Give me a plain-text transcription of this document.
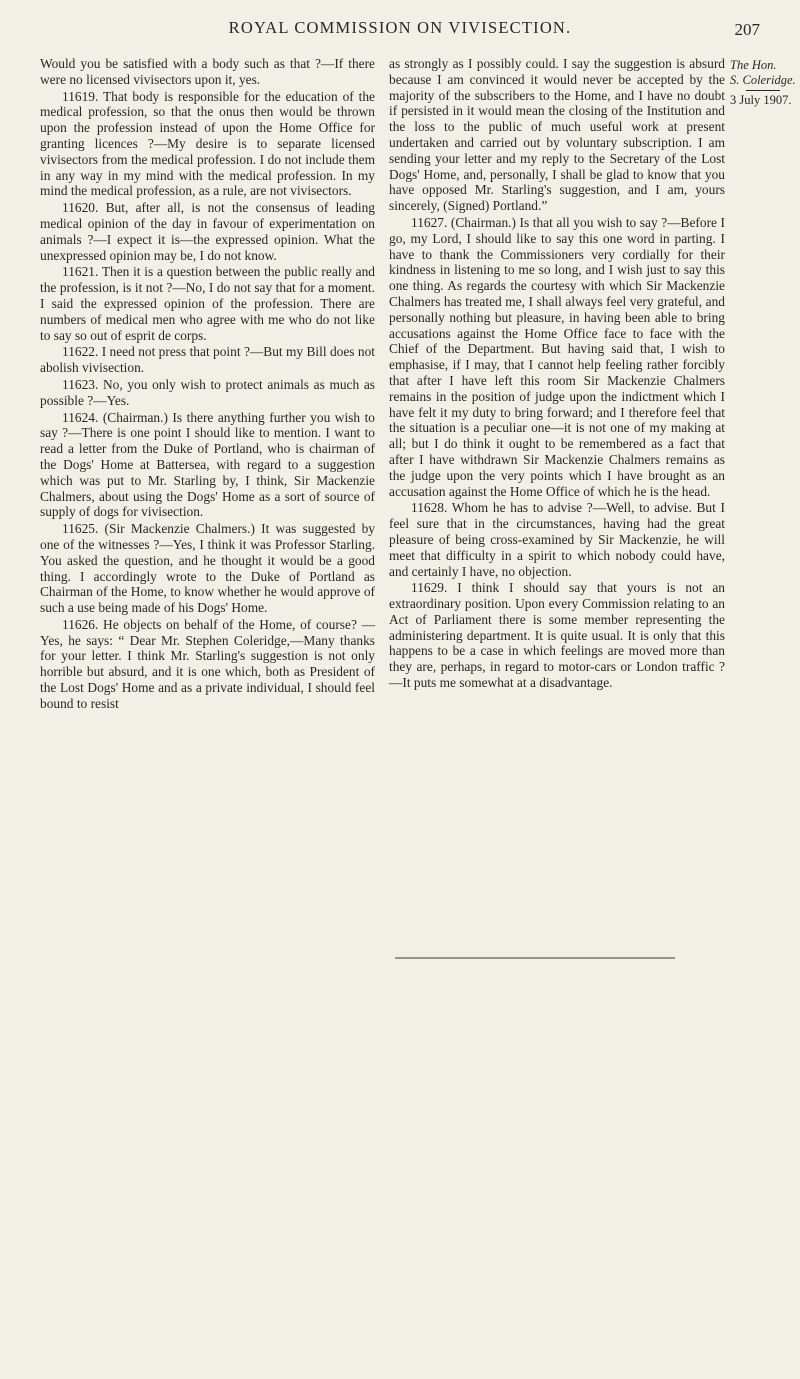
ROYAL COMMISSION ON VIVISECTION.	207

Would you be satisfied with a body such as that ?—If there were no licensed vivisectors upon it, yes.

11619. That body is responsible for the education of the medical profession, so that the onus then would be thrown upon the profession instead of upon the Home Office for granting licences ?—My desire is to separate licensed vivisectors from the medical profession. I do not include them in any way in my mind with the medical profession. In my mind the medical profession, as a rule, are not vivisectors.

11620. But, after all, is not the consensus of leading medical opinion of the day in favour of experimentation on animals ?—I expect it is—the expressed opinion. What the unexpressed opinion may be, I do not know.

11621. Then it is a question between the public really and the profession, is it not ?—No, I do not say that for a moment. I said the expressed opinion of the profession. There are numbers of medical men who agree with me who do not like to say so out of esprit de corps.

11622. I need not press that point ?—But my Bill does not abolish vivisection.

11623. No, you only wish to protect animals as much as possible ?—Yes.

11624. (Chairman.) Is there anything further you wish to say ?—There is one point I should like to mention. I want to read a letter from the Duke of Portland, who is chairman of the Dogs' Home at Battersea, with regard to a suggestion which was put to Mr. Starling by, I think, Sir Mackenzie Chalmers, about using the Dogs' Home as a sort of source of supply of dogs for vivisection.

11625. (Sir Mackenzie Chalmers.) It was suggested by one of the witnesses ?—Yes, I think it was Professor Starling. You asked the question, and he thought it would be a good thing. I accordingly wrote to the Duke of Portland as Chairman of the Home, to know whether he would approve of such a use being made of his Dogs' Home.

11626. He objects on behalf of the Home, of course? —Yes, he says: “ Dear Mr. Stephen Coleridge,—Many thanks for your letter. I think Mr. Starling's suggestion is not only horrible but absurd, and it is one which, both as President of the Lost Dogs' Home and as a private individual, I should feel bound to resist

as strongly as I possibly could. I say the suggestion is absurd because I am convinced it would never be accepted by the majority of the subscribers to the Home, and I have no doubt if persisted in it would mean the closing of the Institution and the loss to the public of much useful work at present undertaken and carried out by voluntary subscription. I am sending your letter and my reply to the Secretary of the Lost Dogs' Home, and, personally, I shall be glad to know that you have opposed Mr. Starling's suggestion, and I am, yours sincerely, (Signed) Portland.”

11627. (Chairman.) Is that all you wish to say ?—Before I go, my Lord, I should like to say this one word in parting. I have to thank the Commissioners very cordially for their kindness in listening to me so long, and I wish just to say this one thing. As regards the courtesy with which Sir Mackenzie Chalmers has treated me, I shall always feel very grateful, and personally nothing but pleasure, in having been able to bring accusations against the Home Office face to face with the Chief of the Department. But having said that, I wish to emphasise, if I may, that I cannot help feeling rather forcibly that after I have left this room Sir Mackenzie Chalmers remains in the position of judge upon the indictment which I have felt it my duty to bring forward; and I therefore feel that the situation is a peculiar one—it is not one of my making at all; but I do think it ought to be remembered as a fact that after I have withdrawn Sir Mackenzie Chalmers remains as the judge upon the very points which I have brought as an accusation against the Home Office of which he is the head.

11628. Whom he has to advise ?—Well, to advise. But I feel sure that in the circumstances, having had the great pleasure of being cross-examined by Sir Mackenzie, he will meet that difficulty in a spirit to which nobody could have, and certainly I have, no objection.

11629. I think I should say that yours is not an extraordinary position. Upon every Commission relating to an Act of Parliament there is some member representing the administering department. It is quite usual. It is only that this happens to be a case in which feelings are moved more than they are, perhaps, in regard to motor-cars or London traffic ?—It puts me somewhat at a disadvantage.

The Hon.
S. Coleridge.
3 July 1907.
